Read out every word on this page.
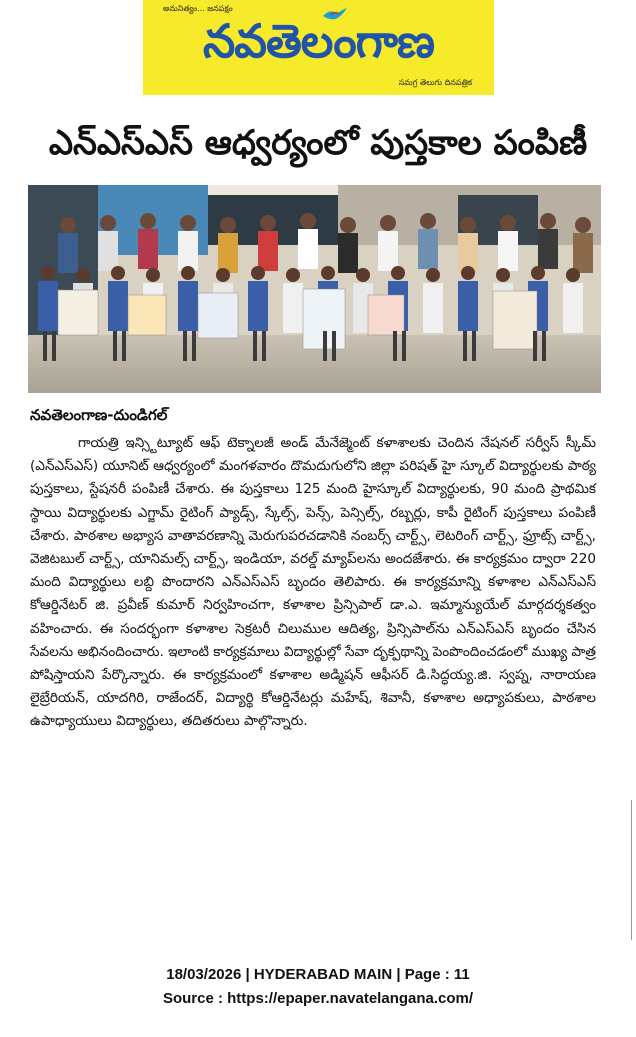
అనునిత్యం... జనపక్షం
నవతెలంగాణ
సమగ్ర తెలుగు దినపత్రిక
ఎన్ఎస్ఎస్ ఆధ్వర్యంలో పుస్తకాల పంపిణీ
నవతెలంగాణ-దుండిగల్

గాయత్రి ఇన్స్టిట్యూట్ ఆఫ్ టెక్నాలజీ అండ్ మేనేజ్మెంట్ కళాశాలకు చెందిన నేషనల్ సర్వీస్ స్కీమ్ (ఎన్ఎస్ఎస్) యూనిట్ ఆధ్వర్యంలో మంగళవారం దొమదుగులోని జిల్లా పరిషత్ హై స్కూల్ విద్యార్థులకు పాఠ్య పుస్తకాలు, స్టేషనరీ పంపిణీ చేశారు. ఈ పుస్తకాలు 125 మంది హైస్కూల్ విద్యార్థులకు, 90 మంది ప్రాథమిక స్థాయి విద్యార్థులకు ఎగ్జామ్ రైటింగ్ ప్యాడ్స్, స్కేల్స్, పెన్స్, పెన్సిల్స్, రబ్బర్లు, కాపీ రైటింగ్ పుస్తకాలు పంపిణీ చేశారు. పాఠశాల అభ్యాస వాతావరణాన్ని మెరుగుపరచడానికి నంబర్స్ చార్ట్స్, లెటరింగ్ చార్ట్స్, ఫ్రూట్స్ చార్ట్స్, వెజిటబుల్ చార్ట్స్, యానిమల్స్ చార్ట్స్, ఇండియా, వరల్డ్ మ్యాప్‌లను అందజేశారు. ఈ కార్యక్రమం ద్వారా 220 మంది విద్యార్థులు లబ్ది పొందారని ఎన్ఎస్ఎస్ బృందం తెలిపారు. ఈ కార్యక్రమాన్ని కళాశాల ఎన్ఎస్ఎస్ కోఆర్డినేటర్ జి. ప్రవీణ్ కుమార్ నిర్వహించగా, కళాశాల ప్రిన్సిపాల్ డా.ఎ. ఇమ్మాన్యుయేల్ మార్గదర్శకత్వం వహించారు. ఈ సందర్భంగా కళాశాల సెక్రటరీ చిలుముల ఆదిత్య, ప్రిన్సిపాల్‌ను ఎన్ఎస్ఎస్ బృందం చేసిన సేవలను అభినందించారు. ఇలాంటి కార్యక్రమాలు విద్యార్థుల్లో సేవా దృక్పథాన్ని పెంపొందించడంలో ముఖ్య పాత్ర పోషిస్తాయని పేర్కొన్నారు. ఈ కార్యక్రమంలో కళాశాల అడ్మిషన్ ఆఫీసర్ డి.సిద్ధయ్య.జి. స్వప్న, నారాయణ లైబ్రేరియన్, యాదగిరి, రాజేందర్, విద్యార్థి కోఆర్డినేటర్లు మహేష్, శివానీ, కళాశాల అధ్యాపకులు, పాఠశాల ఉపాధ్యాయులు విద్యార్థులు, తదితరులు పాల్గొన్నారు.

18/03/2026 | HYDERABAD MAIN | Page : 11
Source : https://epaper.navatelangana.com/
